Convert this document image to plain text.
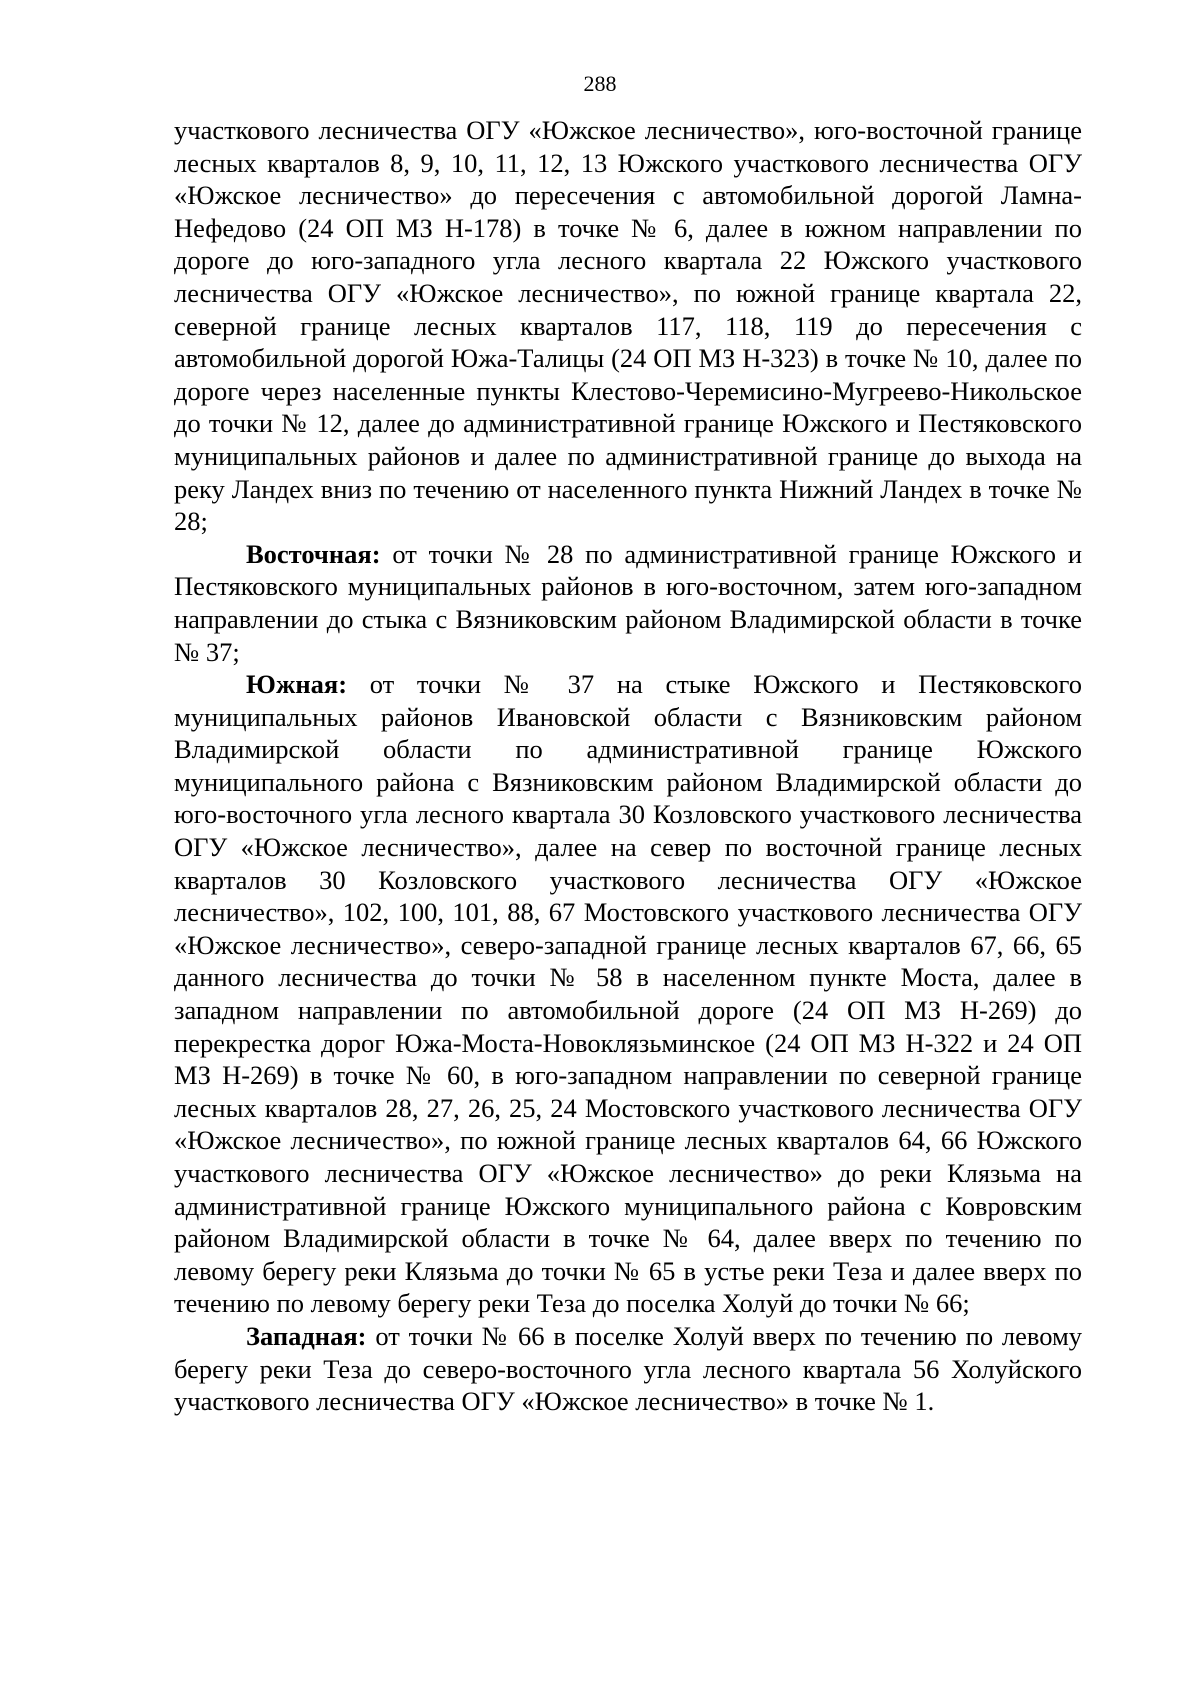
288

участкового лесничества ОГУ «Южское лесничество», юго-восточной границе лесных кварталов 8, 9, 10, 11, 12, 13 Южского участкового лесничества ОГУ «Южское лесничество» до пересечения с автомобильной дорогой Ламна-Нефедово (24 ОП МЗ Н-178) в точке № 6, далее в южном направлении по дороге до юго-западного угла лесного квартала 22 Южского участкового лесничества ОГУ «Южское лесничество», по южной границе квартала 22, северной границе лесных кварталов 117, 118, 119 до пересечения с автомобильной дорогой Южа-Талицы (24 ОП МЗ Н-323) в точке № 10, далее по дороге через населенные пункты Клестово-Черемисино-Мугреево-Никольское до точки № 12, далее до административной границе Южского и Пестяковского муниципальных районов и далее по административной границе до выхода на реку Ландех вниз по течению от населенного пункта Нижний Ландех в точке № 28;

Восточная: от точки № 28 по административной границе Южского и Пестяковского муниципальных районов в юго-восточном, затем юго-западном направлении до стыка с Вязниковским районом Владимирской области в точке № 37;

Южная: от точки № 37 на стыке Южского и Пестяковского муниципальных районов Ивановской области с Вязниковским районом Владимирской области по административной границе Южского муниципального района с Вязниковским районом Владимирской области до юго-восточного угла лесного квартала 30 Козловского участкового лесничества ОГУ «Южское лесничество», далее на север по восточной границе лесных кварталов 30 Козловского участкового лесничества ОГУ «Южское лесничество», 102, 100, 101, 88, 67 Мостовского участкового лесничества ОГУ «Южское лесничество», северо-западной границе лесных кварталов 67, 66, 65 данного лесничества до точки № 58 в населенном пункте Моста, далее в западном направлении по автомобильной дороге (24 ОП МЗ Н-269) до перекрестка дорог Южа-Моста-Новоклязьминское (24 ОП МЗ Н-322 и 24 ОП МЗ Н-269) в точке № 60, в юго-западном направлении по северной границе лесных кварталов 28, 27, 26, 25, 24 Мостовского участкового лесничества ОГУ «Южское лесничество», по южной границе лесных кварталов 64, 66 Южского участкового лесничества ОГУ «Южское лесничество» до реки Клязьма на административной границе Южского муниципального района с Ковровским районом Владимирской области в точке № 64, далее вверх по течению по левому берегу реки Клязьма до точки № 65 в устье реки Теза и далее вверх по течению по левому берегу реки Теза до поселка Холуй до точки № 66;

Западная: от точки № 66 в поселке Холуй вверх по течению по левому берегу реки Теза до северо-восточного угла лесного квартала 56 Холуйского участкового лесничества ОГУ «Южское лесничество» в точке № 1.
